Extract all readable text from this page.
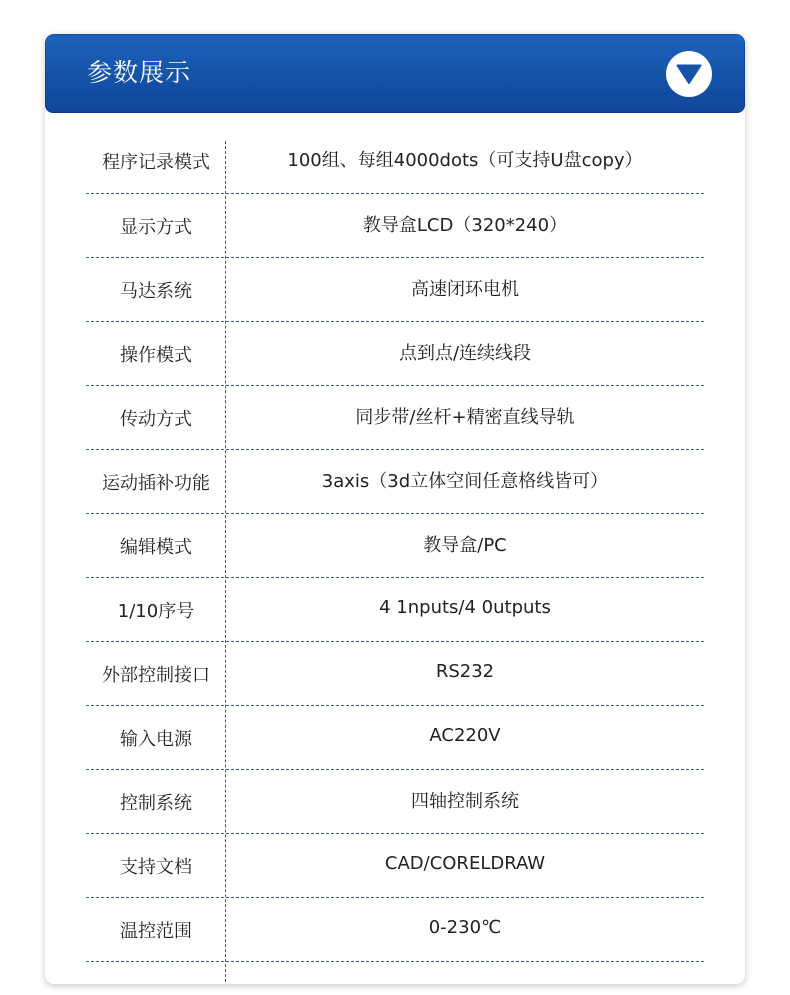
参数展示
程序记录模式	100组、每组4000dots（可支持U盘copy）
显示方式	教导盒LCD（320*240）
马达系统	高速闭环电机
操作模式	点到点/连续线段
传动方式	同步带/丝杆+精密直线导轨
运动插补功能	3axis（3d立体空间任意格线皆可）
编辑模式	教导盒/PC
1/10序号	4 1nputs/4 0utputs
外部控制接口	RS232
输入电源	AC220V
控制系统	四轴控制系统
支持文档	CAD/CORELDRAW
温控范围	0-230℃
